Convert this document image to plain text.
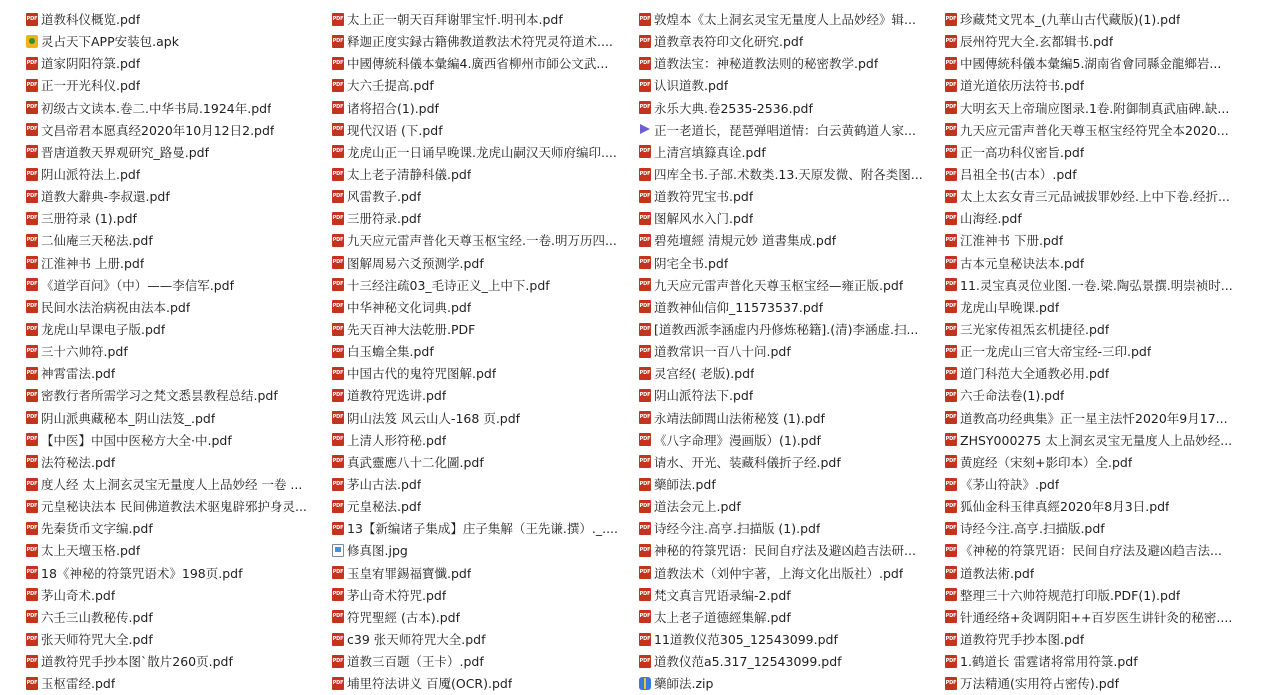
PDF
道教科仪概览.pdf
灵占天下APP安装包.apk
PDF
道家阴阳符箓.pdf
PDF
正一开光科仪.pdf
PDF
初级古文读本.卷二.中华书局.1924年.pdf
PDF
文昌帝君本愿真经2020年10月12日2.pdf
PDF
晋唐道教天界观研究_路曼.pdf
PDF
阴山派符法上.pdf
PDF
道教大辭典-李叔還.pdf
PDF
三册符录 (1).pdf
PDF
二仙庵三天秘法.pdf
PDF
江淮神书 上册.pdf
PDF
《道学百问》（中）——李信军.pdf
PDF
民间水法治病祝由法本.pdf
PDF
龙虎山早课电子版.pdf
PDF
三十六帅符.pdf
PDF
神霄雷法.pdf
PDF
密教行者所需学习之梵文悉昙教程总结.pdf
PDF
阴山派典藏秘本_阴山法笈_.pdf
PDF
【中医】中国中医秘方大全·中.pdf
PDF
法符秘法.pdf
PDF
度人经 太上洞玄灵宝无量度人上品妙经 一卷 ...
PDF
元皇秘诀法本 民间佛道教法术驱鬼辟邪护身灵...
PDF
先秦货币文字编.pdf
PDF
太上天壇玉格.pdf
PDF
18《神秘的符箓咒语术》198页.pdf
PDF
茅山奇术.pdf
PDF
六壬三山教秘传.pdf
PDF
张天师符咒大全.pdf
PDF
道教符咒手抄本图`散片260页.pdf
PDF
玉枢雷经.pdf
PDF
太上正一朝天百拜谢罪宝忏.明刊本.pdf
PDF
释迦正度实録古籍佛教道教法术符咒灵符道术....
PDF
中國傳統科儀本彙編4.廣西省柳州市師公文武...
PDF
大六壬提高.pdf
PDF
诸将招合(1).pdf
PDF
现代汉语 (下.pdf
PDF
龙虎山正一日诵早晚课.龙虎山嗣汉天师府编印....
PDF
太上老子清静科儀.pdf
PDF
风雷教子.pdf
PDF
三册符录.pdf
PDF
九天应元雷声普化天尊玉枢宝经.一卷.明万历四...
PDF
图解周易六爻预测学.pdf
PDF
十三经注疏03_毛诗正义_上中下.pdf
PDF
中华神秘文化词典.pdf
PDF
先天百神大法乾册.PDF
PDF
白玉蟾全集.pdf
PDF
中国古代的鬼符咒图解.pdf
PDF
道教符咒选讲.pdf
PDF
阴山法笈 风云山人-168 页.pdf
PDF
上清人形符秘.pdf
PDF
真武靈應八十二化圖.pdf
PDF
茅山古法.pdf
PDF
元皇秘法.pdf
PDF
13【新编诸子集成】庄子集解（王先谦.撰）._....
修真图.jpg
PDF
玉皇宥罪錫福寶懺.pdf
PDF
茅山奇术符咒.pdf
PDF
符咒聖經 (古本).pdf
PDF
c39 张天师符咒大全.pdf
PDF
道教三百题（王卡）.pdf
PDF
埔里符法讲义 百魇(OCR).pdf
PDF
敦煌本《太上洞玄灵宝无量度人上品妙经》辑...
PDF
道教章表符印文化研究.pdf
PDF
道教法宝：神秘道教法则的秘密教学.pdf
PDF
认识道教.pdf
PDF
永乐大典.卷2535-2536.pdf
正一老道长，琵琶弹唱道情：白云黄鹤道人家...
PDF
上清宫填籙真诠.pdf
PDF
四库全书.子部.术数类.13.天原发微、附各类图...
PDF
道教符咒宝书.pdf
PDF
图解风水入门.pdf
PDF
碧苑壇經 清規元妙 道書集成.pdf
PDF
阴宅全书.pdf
PDF
九天应元雷声普化天尊玉枢宝经—雍正版.pdf
PDF
道教神仙信仰_11573537.pdf
PDF
[道教西派李涵虚内丹修炼秘籍].(清)李涵虚.扫...
PDF
道教常识一百八十问.pdf
PDF
灵宫经( 老版).pdf
PDF
阴山派符法下.pdf
PDF
永靖法師閭山法術秘笈 (1).pdf
PDF
《八字命理》漫画版）(1).pdf
PDF
请水、开光、装藏科儀折子经.pdf
PDF
藥師法.pdf
PDF
道法会元上.pdf
PDF
诗经今注.高亨.扫描版 (1).pdf
PDF
神秘的符箓咒语：民间自疗法及避凶趋吉法研...
PDF
道教法术（刘仲宇著，上海文化出版社）.pdf
PDF
梵文真言咒语录编-2.pdf
PDF
太上老子道德經集解.pdf
PDF
11道教仪范305_12543099.pdf
PDF
道教仪范a5.317_12543099.pdf
藥師法.zip
PDF
珍藏梵文咒本_(九華山古代藏版)(1).pdf
PDF
辰州符咒大全.玄都辑书.pdf
PDF
中國傳統科儀本彙編5.湖南省會同縣金龍鄉岩...
PDF
道光道依历法符书.pdf
PDF
大明玄天上帝瑞应图录.1卷.附御制真武庙碑.缺...
PDF
九天应元雷声普化天尊玉枢宝经符咒全本2020...
PDF
正一高功科仪密旨.pdf
PDF
吕祖全书(古本）.pdf
PDF
太上太玄女青三元品诫拔罪妙经.上中下卷.经折...
PDF
山海经.pdf
PDF
江淮神书 下册.pdf
PDF
古本元皇秘诀法本.pdf
PDF
11.灵宝真灵位业图.一卷.梁.陶弘景撰.明崇祯时...
PDF
龙虎山早晚课.pdf
PDF
三光家传祖炁玄机捷径.pdf
PDF
正一龙虎山三官大帝宝经-三印.pdf
PDF
道门科范大全通教必用.pdf
PDF
六壬命法卷(1).pdf
PDF
道教高功经典集》正一星主法忏2020年9月17...
PDF
ZHSY000275 太上洞玄灵宝无量度人上品妙经...
PDF
黄庭经（宋刻+影印本）全.pdf
PDF
《茅山符訣》.pdf
PDF
狐仙金科玉律真經2020年8月3日.pdf
PDF
诗经今注.高亨.扫描版.pdf
PDF
《神秘的符箓咒语：民间自疗法及避凶趋吉法...
PDF
道教法術.pdf
PDF
整理三十六帅符规范打印版.PDF(1).pdf
PDF
针通经络+灸调阴阳++百岁医生讲针灸的秘密....
PDF
道教符咒手抄本图.pdf
PDF
1.鹤道长 雷霆诸将常用符箓.pdf
PDF
万法精通(实用符占密传).pdf
